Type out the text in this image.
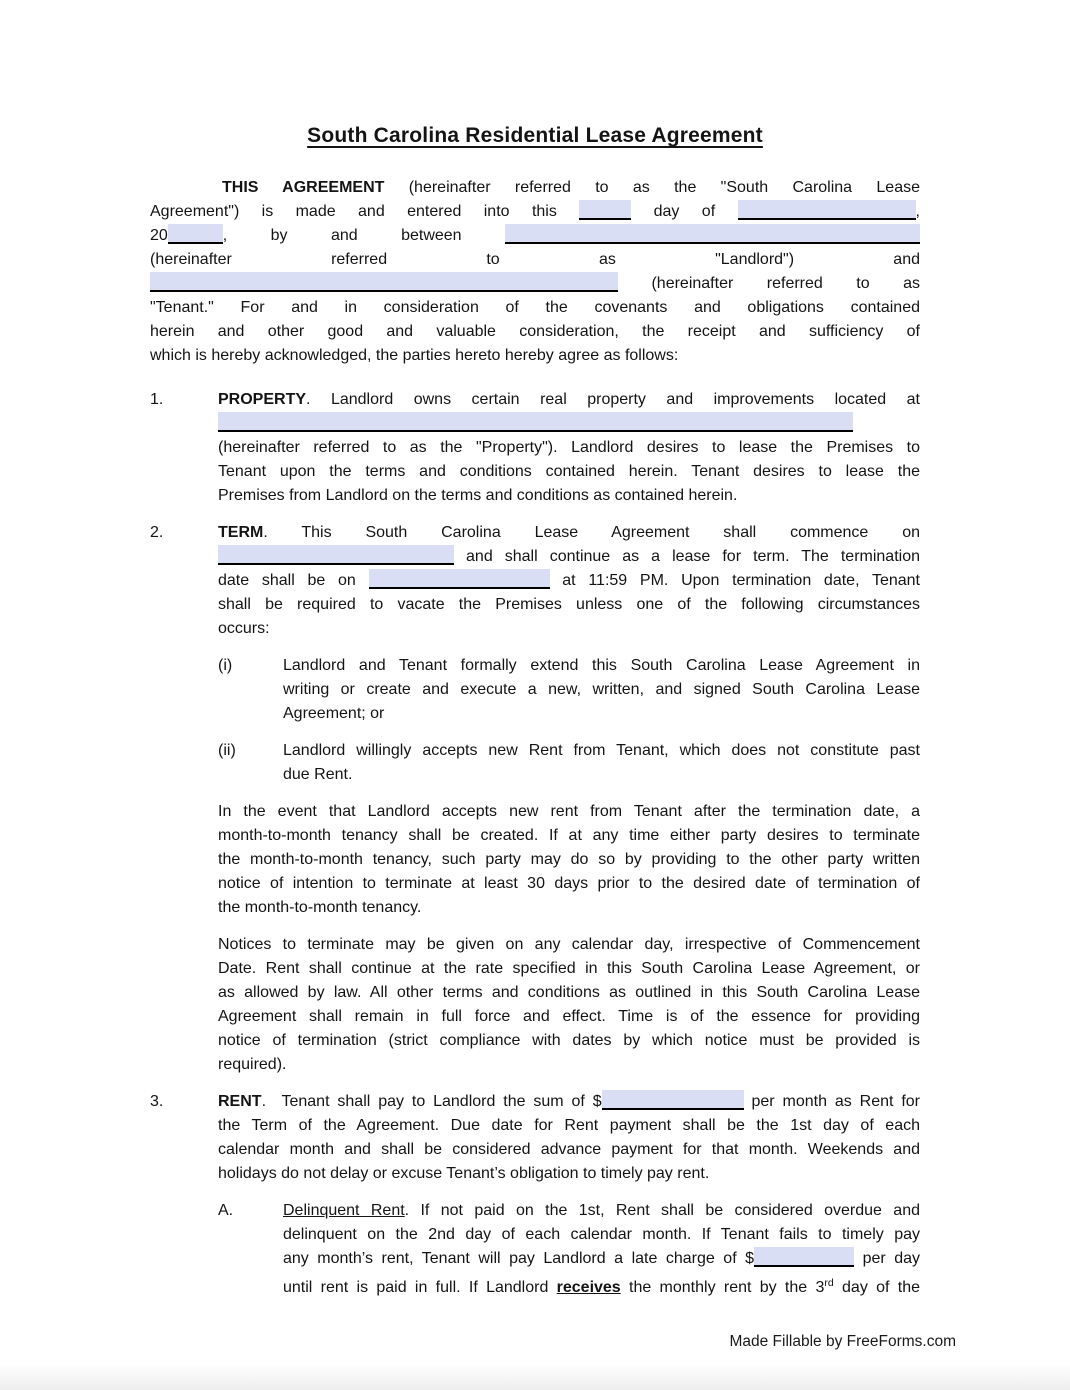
South Carolina Residential Lease Agreement
THIS AGREEMENT (hereinafter referred to as the "South Carolina Lease
Agreement") is made and entered into this	day of	,
20	, by and between
(hereinafter referred to as "Landlord") and
(hereinafter referred to as
"Tenant." For and in consideration of the covenants and obligations contained
herein and other good and valuable consideration, the receipt and sufficiency of
which is hereby acknowledged, the parties hereto hereby agree as follows:
1.	PROPERTY. Landlord owns certain real property and improvements located at
(hereinafter referred to as the "Property"). Landlord desires to lease the Premises to
Tenant upon the terms and conditions contained herein. Tenant desires to lease the
Premises from Landlord on the terms and conditions as contained herein.
2.	TERM. This South Carolina Lease Agreement shall commence on
and shall continue as a lease for term. The termination
date shall be on	at 11:59 PM. Upon termination date, Tenant
shall be required to vacate the Premises unless one of the following circumstances
occurs:
(i)	Landlord and Tenant formally extend this South Carolina Lease Agreement in
writing or create and execute a new, written, and signed South Carolina Lease
Agreement; or
(ii)	Landlord willingly accepts new Rent from Tenant, which does not constitute past
due Rent.
In the event that Landlord accepts new rent from Tenant after the termination date, a
month-to-month tenancy shall be created. If at any time either party desires to terminate
the month-to-month tenancy, such party may do so by providing to the other party written
notice of intention to terminate at least 30 days prior to the desired date of termination of
the month-to-month tenancy.
Notices to terminate may be given on any calendar day, irrespective of Commencement
Date. Rent shall continue at the rate specified in this South Carolina Lease Agreement, or
as allowed by law. All other terms and conditions as outlined in this South Carolina Lease
Agreement shall remain in full force and effect. Time is of the essence for providing
notice of termination (strict compliance with dates by which notice must be provided is
required).
3.	RENT.  Tenant shall pay to Landlord the sum of $	per month as Rent for
the Term of the Agreement. Due date for Rent payment shall be the 1st day of each
calendar month and shall be considered advance payment for that month. Weekends and
holidays do not delay or excuse Tenant’s obligation to timely pay rent.
A.	Delinquent Rent. If not paid on the 1st, Rent shall be considered overdue and
delinquent on the 2nd day of each calendar month. If Tenant fails to timely pay
any month’s rent, Tenant will pay Landlord a late charge of $	per day
until rent is paid in full. If Landlord receives the monthly rent by the 3rd day of the
Made Fillable by FreeForms.com
